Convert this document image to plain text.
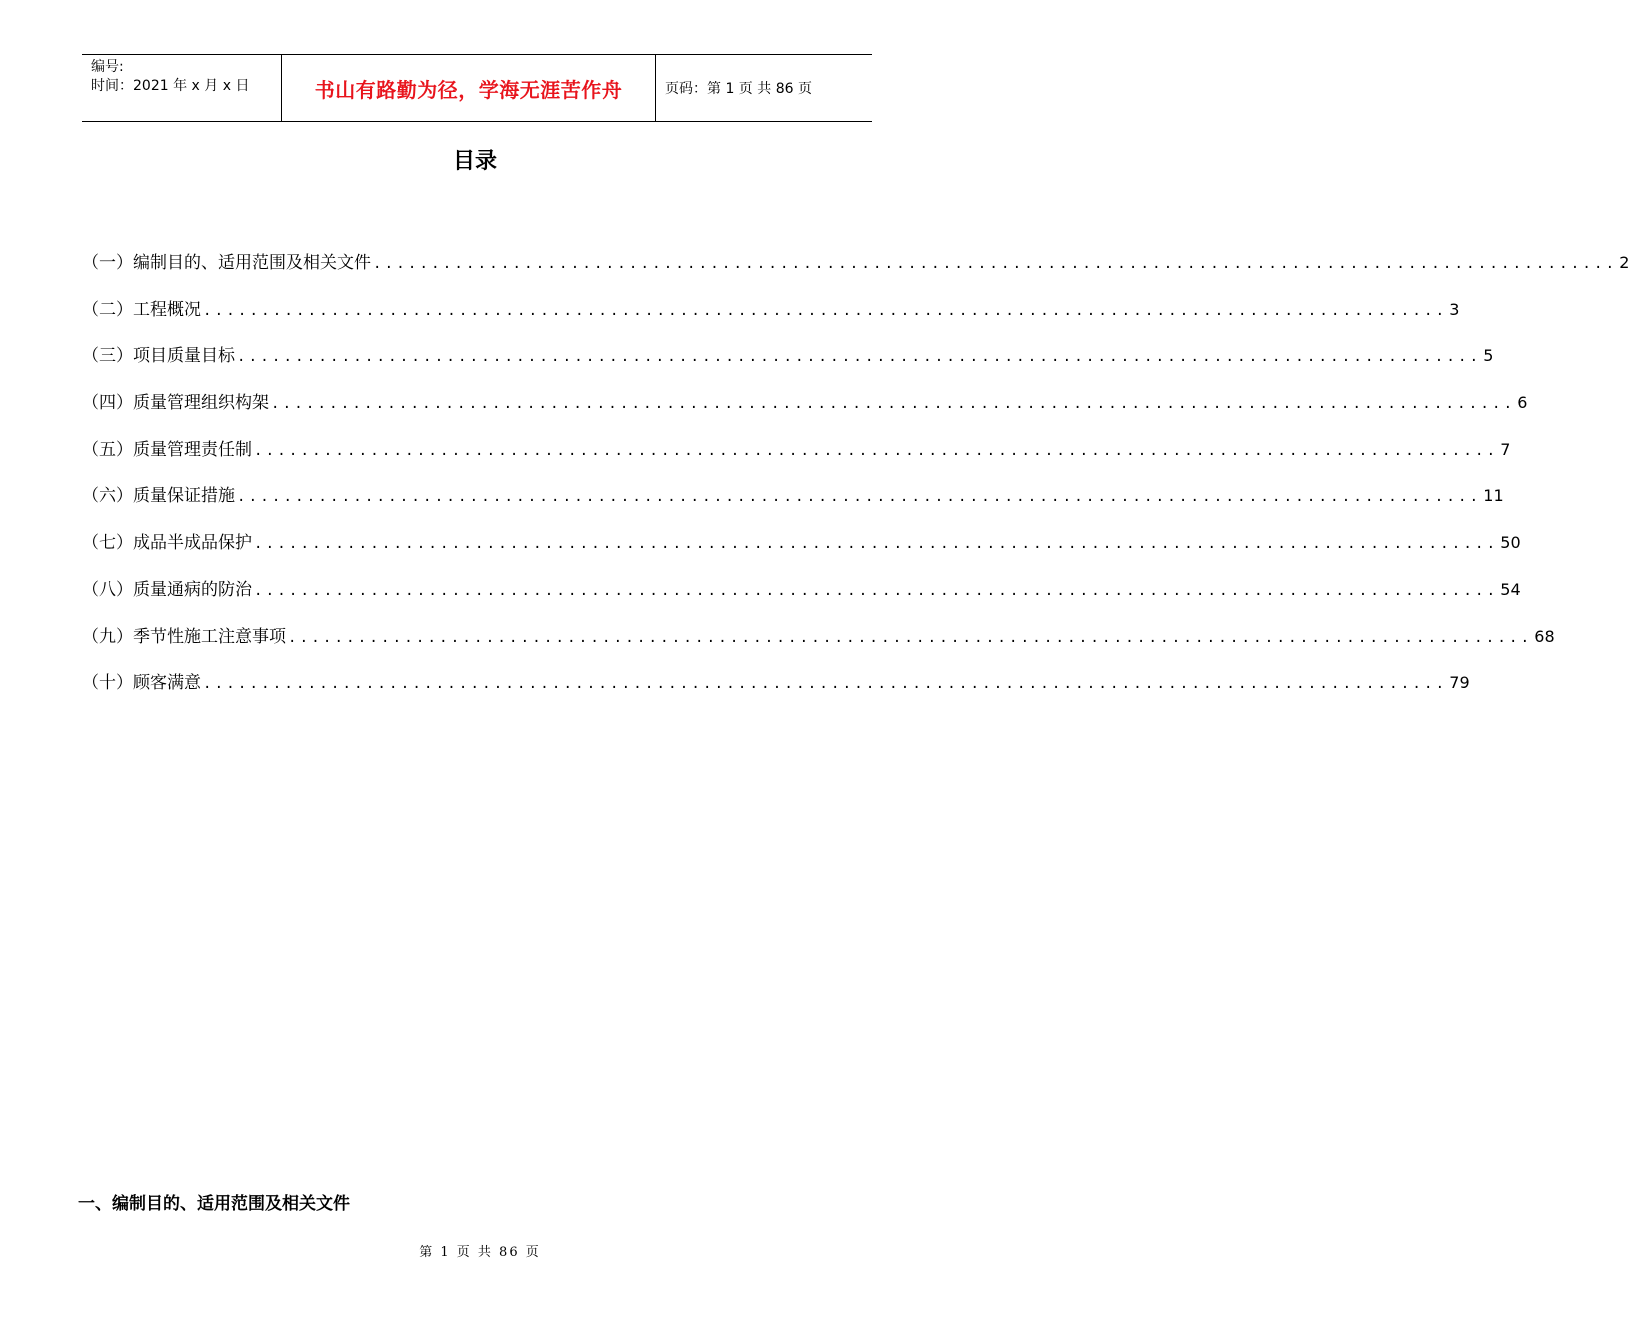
编号:
时间：2021 年 x 月 x 日	书山有路勤为径，学海无涯苦作舟	页码：第 1 页 共 86 页
目录
（一）编制目的、适用范围及相关文件 ........................................................................................................... 2
（二）工程概况 ........................................................................................................... 3
（三）项目质量目标 ........................................................................................................... 5
（四）质量管理组织构架 ........................................................................................................... 6
（五）质量管理责任制 ........................................................................................................... 7
（六）质量保证措施 ........................................................................................................... 11
（七）成品半成品保护 ........................................................................................................... 50
（八）质量通病的防治 ........................................................................................................... 54
（九）季节性施工注意事项 ........................................................................................................... 68
（十）顾客满意 ........................................................................................................... 79
一、编制目的、适用范围及相关文件
第 1 页 共 86 页
